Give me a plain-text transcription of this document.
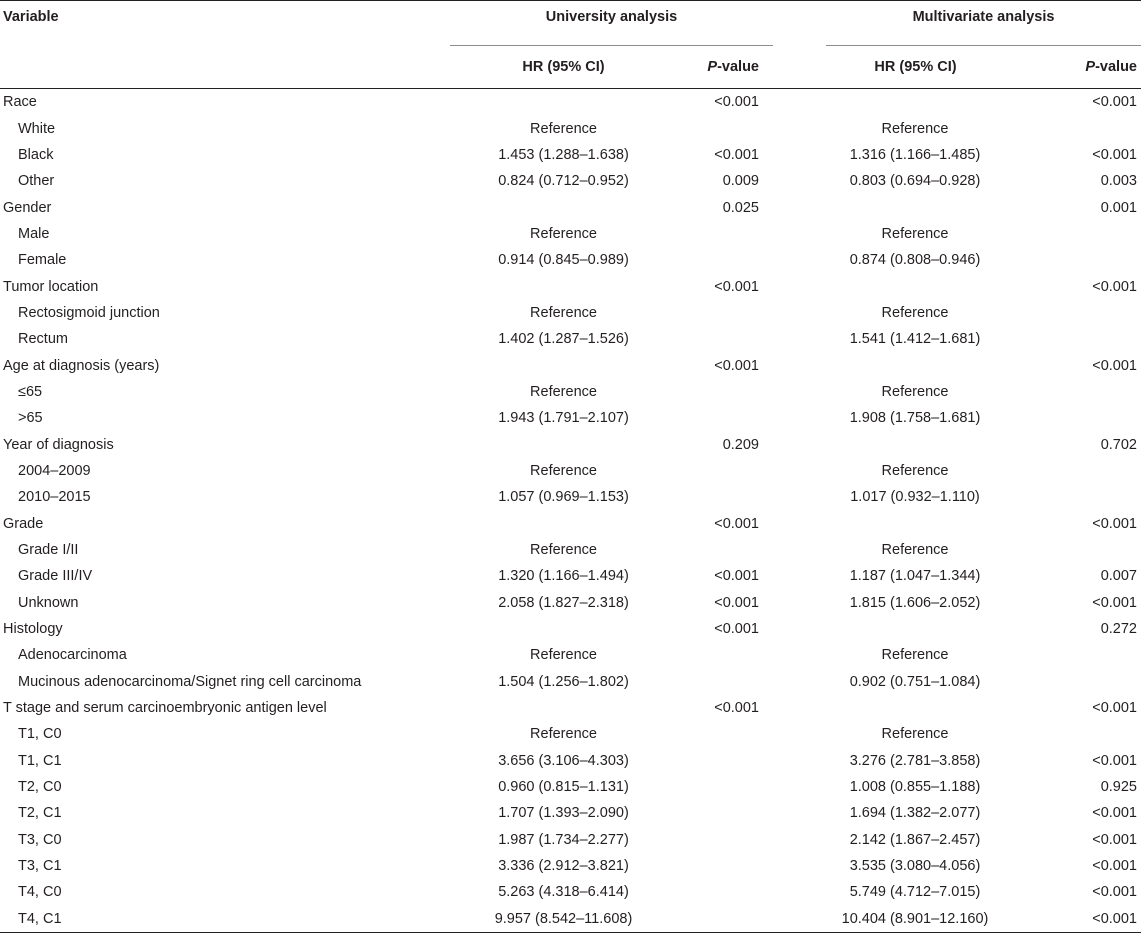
Variable	University analysis			Multivariate analysis	

	HR (95% CI)	P-value		HR (95% CI)	P-value

Race		<0.001			<0.001
White	Reference			Reference	
Black	1.453 (1.288–1.638)	<0.001		1.316 (1.166–1.485)	<0.001
Other	0.824 (0.712–0.952)	0.009		0.803 (0.694–0.928)	0.003
Gender		0.025			0.001
Male	Reference			Reference	
Female	0.914 (0.845–0.989)			0.874 (0.808–0.946)	
Tumor location		<0.001			<0.001
Rectosigmoid junction	Reference			Reference	
Rectum	1.402 (1.287–1.526)			1.541 (1.412–1.681)	
Age at diagnosis (years)		<0.001			<0.001
≤65	Reference			Reference	
>65	1.943 (1.791–2.107)			1.908 (1.758–1.681)	
Year of diagnosis		0.209			0.702
2004–2009	Reference			Reference	
2010–2015	1.057 (0.969–1.153)			1.017 (0.932–1.110)	
Grade		<0.001			<0.001
Grade I/II	Reference			Reference	
Grade III/IV	1.320 (1.166–1.494)	<0.001		1.187 (1.047–1.344)	0.007
Unknown	2.058 (1.827–2.318)	<0.001		1.815 (1.606–2.052)	<0.001
Histology		<0.001			0.272
Adenocarcinoma	Reference			Reference	
Mucinous adenocarcinoma/Signet ring cell carcinoma	1.504 (1.256–1.802)			0.902 (0.751–1.084)	
T stage and serum carcinoembryonic antigen level		<0.001			<0.001
T1, C0	Reference			Reference	
T1, C1	3.656 (3.106–4.303)			3.276 (2.781–3.858)	<0.001
T2, C0	0.960 (0.815–1.131)			1.008 (0.855–1.188)	0.925
T2, C1	1.707 (1.393–2.090)			1.694 (1.382–2.077)	<0.001
T3, C0	1.987 (1.734–2.277)			2.142 (1.867–2.457)	<0.001
T3, C1	3.336 (2.912–3.821)			3.535 (3.080–4.056)	<0.001
T4, C0	5.263 (4.318–6.414)			5.749 (4.712–7.015)	<0.001
T4, C1	9.957 (8.542–11.608)			10.404 (8.901–12.160)	<0.001
